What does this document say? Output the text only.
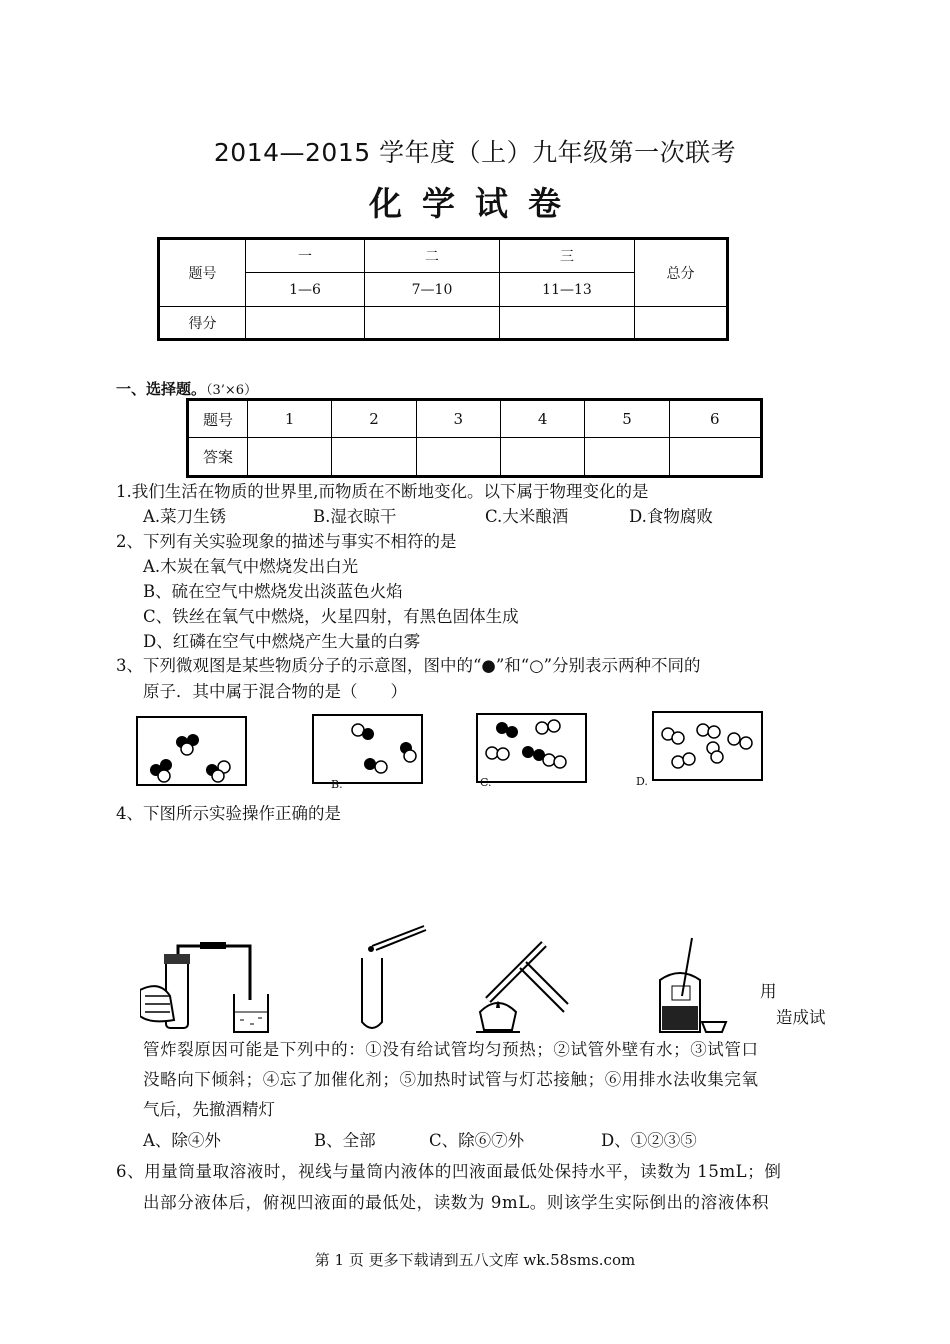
2014—2015 学年度（上）九年级第一次联考
化学试卷
题号	一	二	三	总分
	1—6	7—10	11—13	
得分				
一、选择题。（3’×6）
题号	1	2	3	4	5	6
答案						
1.我们生活在物质的世界里,而物质在不断地变化。以下属于物理变化的是
A.菜刀生锈	B.湿衣晾干	C.大米酿酒	D.食物腐败
2、下列有关实验现象的描述与事实不相符的是
A.木炭在氧气中燃烧发出白光
B、硫在空气中燃烧发出淡蓝色火焰
C、铁丝在氧气中燃烧，火星四射，有黑色固体生成
D、红磷在空气中燃烧产生大量的白雾
3、下列微观图是某些物质分子的示意图，图中的“●”和“○”分别表示两种不同的
原子．其中属于混合物的是（　　）
B.	C.	D.
4、下图所示实验操作正确的是
用
造成试
管炸裂原因可能是下列中的：①没有给试管均匀预热；②试管外壁有水；③试管口
没略向下倾斜；④忘了加催化剂；⑤加热时试管与灯芯接触；⑥用排水法收集完氧
气后，先撤酒精灯
A、除④外	B、全部	C、除⑥⑦外	D、①②③⑤
6、用量筒量取溶液时，视线与量筒内液体的凹液面最低处保持水平，读数为 15mL；倒
出部分液体后，俯视凹液面的最低处，读数为 9mL。则该学生实际倒出的溶液体积
第 1 页 更多下载请到五八文库 wk.58sms.com
